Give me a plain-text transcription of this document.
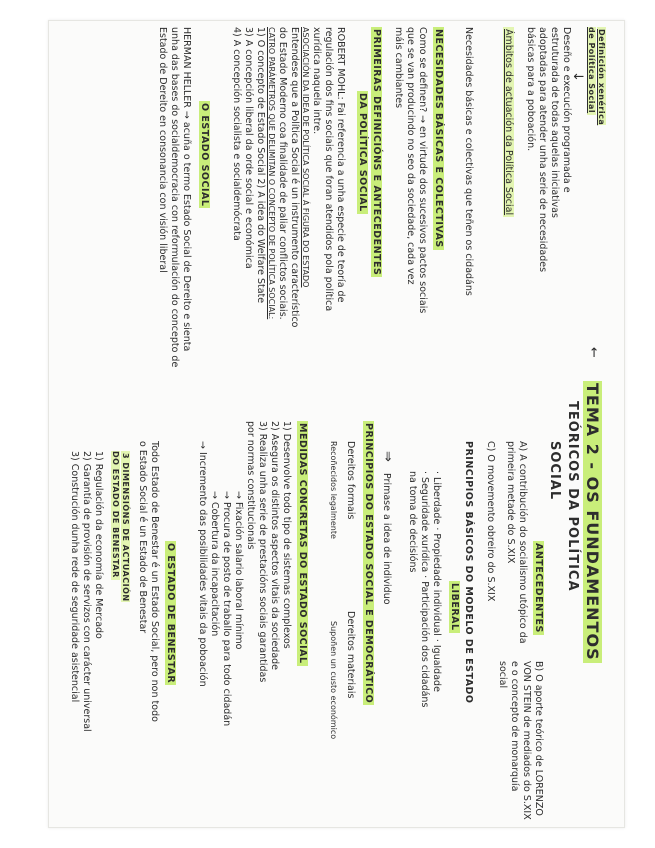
TEMA 2 - OS FUNDAMENTOS
TEÓRICOS DA POLÍTICA
SOCIAL
←
Definición xenérica de Política Social
Deseño e execución programada e
estruturada de todas aquelas iniciativas
adoptadas para atender unha serie de necesidades
básicas para a poboación.	↓
Ámbitos de actuación da Política Social
Necesidades básicas e colectivas que teñen os cidadáns
NECESIDADES BÁSICAS E COLECTIVAS
Como se definen? → en virtude dos sucesivos pactos sociais
que se van producindo no seo da sociedade, cada vez
máis cambiantes
PRIMEIRAS DEFINICIÓNS E ANTECEDENTES
DA POLÍTICA SOCIAL
ROBERT MOHL: Fai referencia a unha especie de teoría de
regulación dos fins sociais que foran atendidos pola política
xurídica naquela intre.
ASOCIACIÓN DA IDEA DE POLÍTICA SOCIAL Á FIGURA DO ESTADO
Entendese que a Política Social é un instrumento característico
do Estado Moderno coa finalidade de paliar conflictos sociais.
CATRO PARÁMETROS QUE DELIMITAN O CONCEPTO DE POLÍTICA SOCIAL:
1) O concepto de Estado Social 2) A idea do Welfare State
3) A concepción liberal da orde social e económica
4) A concepción socialista e socialdemócrata
O ESTADO SOCIAL
HERMAN HELLER → acuña o termo Estado Social de Dereito e sienta
unha das bases do socialdemocracia con reformulación do concepto de
Estado de Dereito en consonancia con visión liberal
ANTECEDENTES
A) A contribución do socialismo utópico da primeira metade do S.XIX
B) O aporte teórico de LORENZO VON STEIN de mediados do S.XIX e o concepto de monarquía social
C) O movemento obreiro do S.XIX
PRINCIPIOS BÁSICOS DO MODELO DE ESTADO
LIBERAL
· Liberdade · Propiedade individual · Igualdade
· Seguridade xurídica · Participación dos cidadáns
na toma de decisións
⇒
Primase a idea de individuo
PRINCIPIOS DO ESTADO SOCIAL E DEMOCRÁTICO
Dereitos formais
Recoñecidos legalmente
Dereitos materiais
Supoñen un custo económico
MEDIDAS CONCRETAS DO ESTADO SOCIAL
1) Desenvolve todo tipo de sistemas complexos
2) Asegura os distintos aspectos vitais da sociedade
3) Realiza unha serie de prestacións sociais garantidas
por normas constitucionais
→ Fixación salario laboral mínimo
→ Procura de posto de traballo para todo cidadán
→ Cobertura da incapacitación
→ Incremento das posibilidades vitais da poboación
O ESTADO DE BENESTAR
Todo Estado de Benestar é un Estado Social, pero non todo
o Estado Social é un Estado de Benestar
3 DIMENSIÓNS DE ACTUACIÓN DO ESTADO DE BENESTAR
1) Regulación da economía de Mercado
2) Garantía de provisión de servizos con carácter universal
3) Construción dunha rede de seguridade asistencial
